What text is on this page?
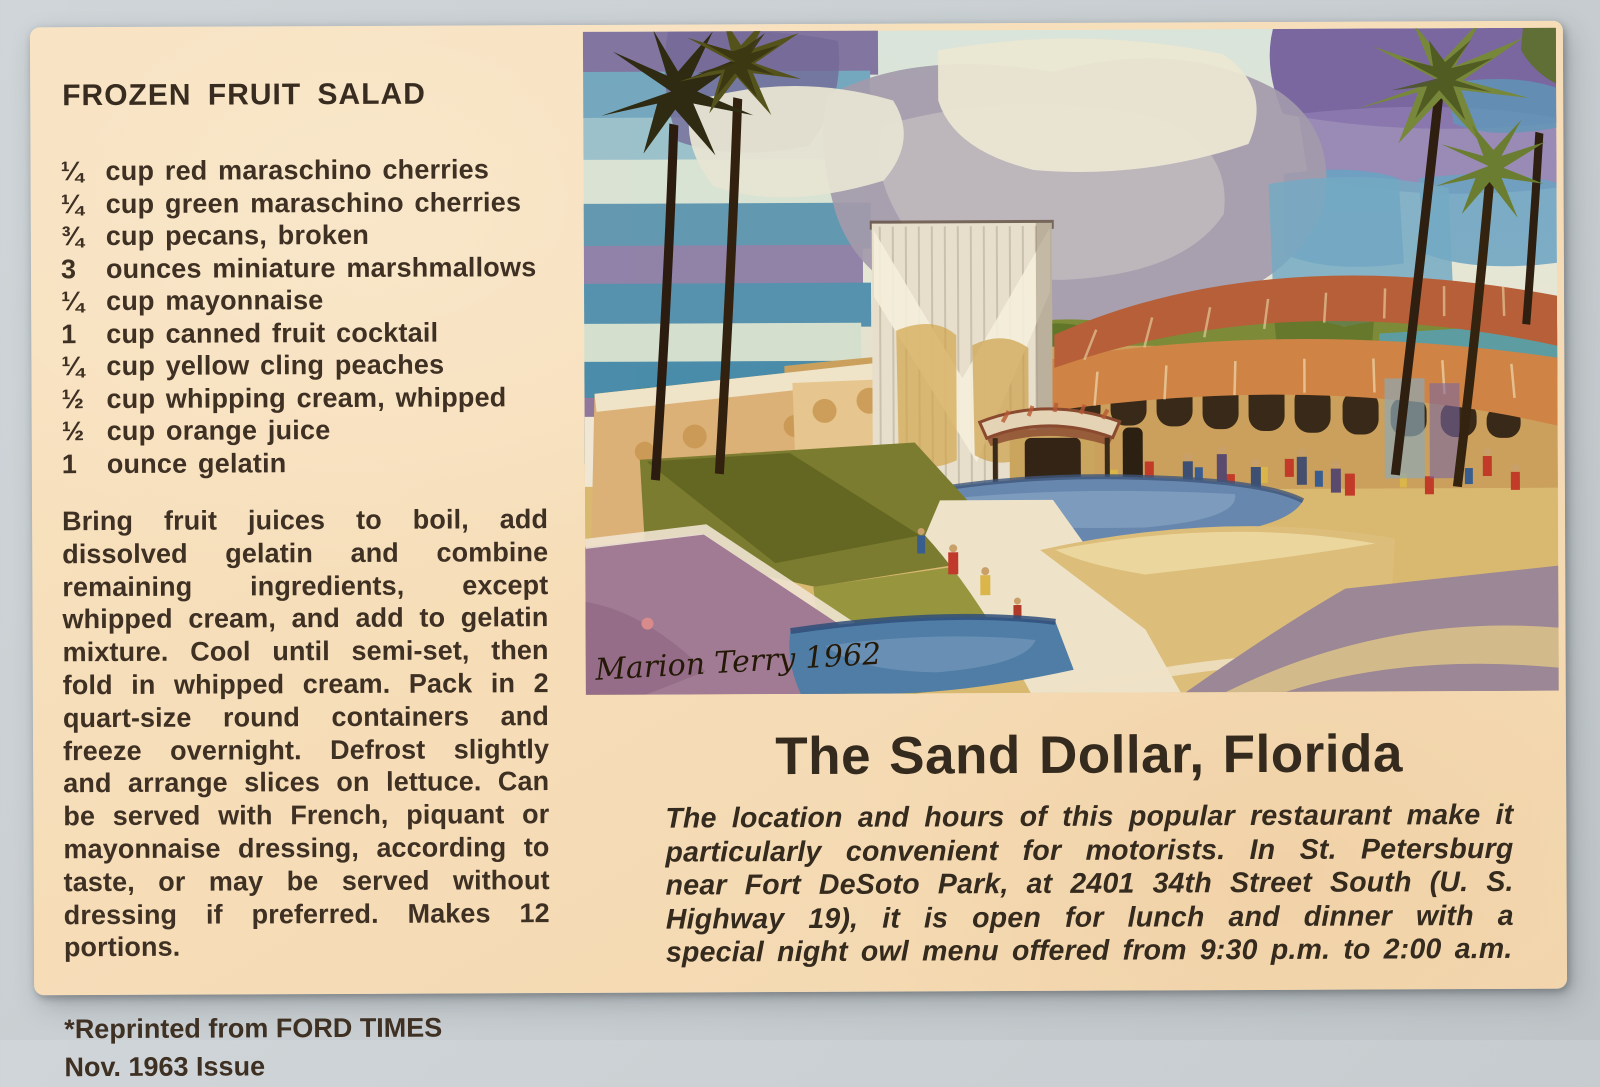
FROZEN FRUIT SALAD
¼ cup red maraschino cherries
¼ cup green maraschino cherries
¾ cup pecans, broken
3	ounces miniature marshmallows
¼ cup mayonnaise
1	cup canned fruit cocktail
¼ cup yellow cling peaches
½ cup whipping cream, whipped
½ cup orange juice
1	ounce gelatin

Bring fruit juices to boil, add dissolved gelatin and combine remaining ingredients, except whipped cream, and add to gelatin mixture. Cool until semi-set, then fold in whipped cream. Pack in 2 quart-size round containers and freeze overnight. Defrost slightly and arrange slices on lettuce. Can be served with French, piquant or mayonnaise dressing, according to taste, or may be served without dressing if preferred. Makes 12 portions.

*Reprinted from FORD TIMES
Nov. 1963 Issue

Marion Terry 1962
The Sand Dollar, Florida

The location and hours of this popular restaurant make it particularly convenient for motorists. In St. Petersburg near Fort DeSoto Park, at 2401 34th Street South (U. S. Highway 19), it is open for lunch and dinner with a special night owl menu offered from 9:30 p.m. to 2:00 a.m.
